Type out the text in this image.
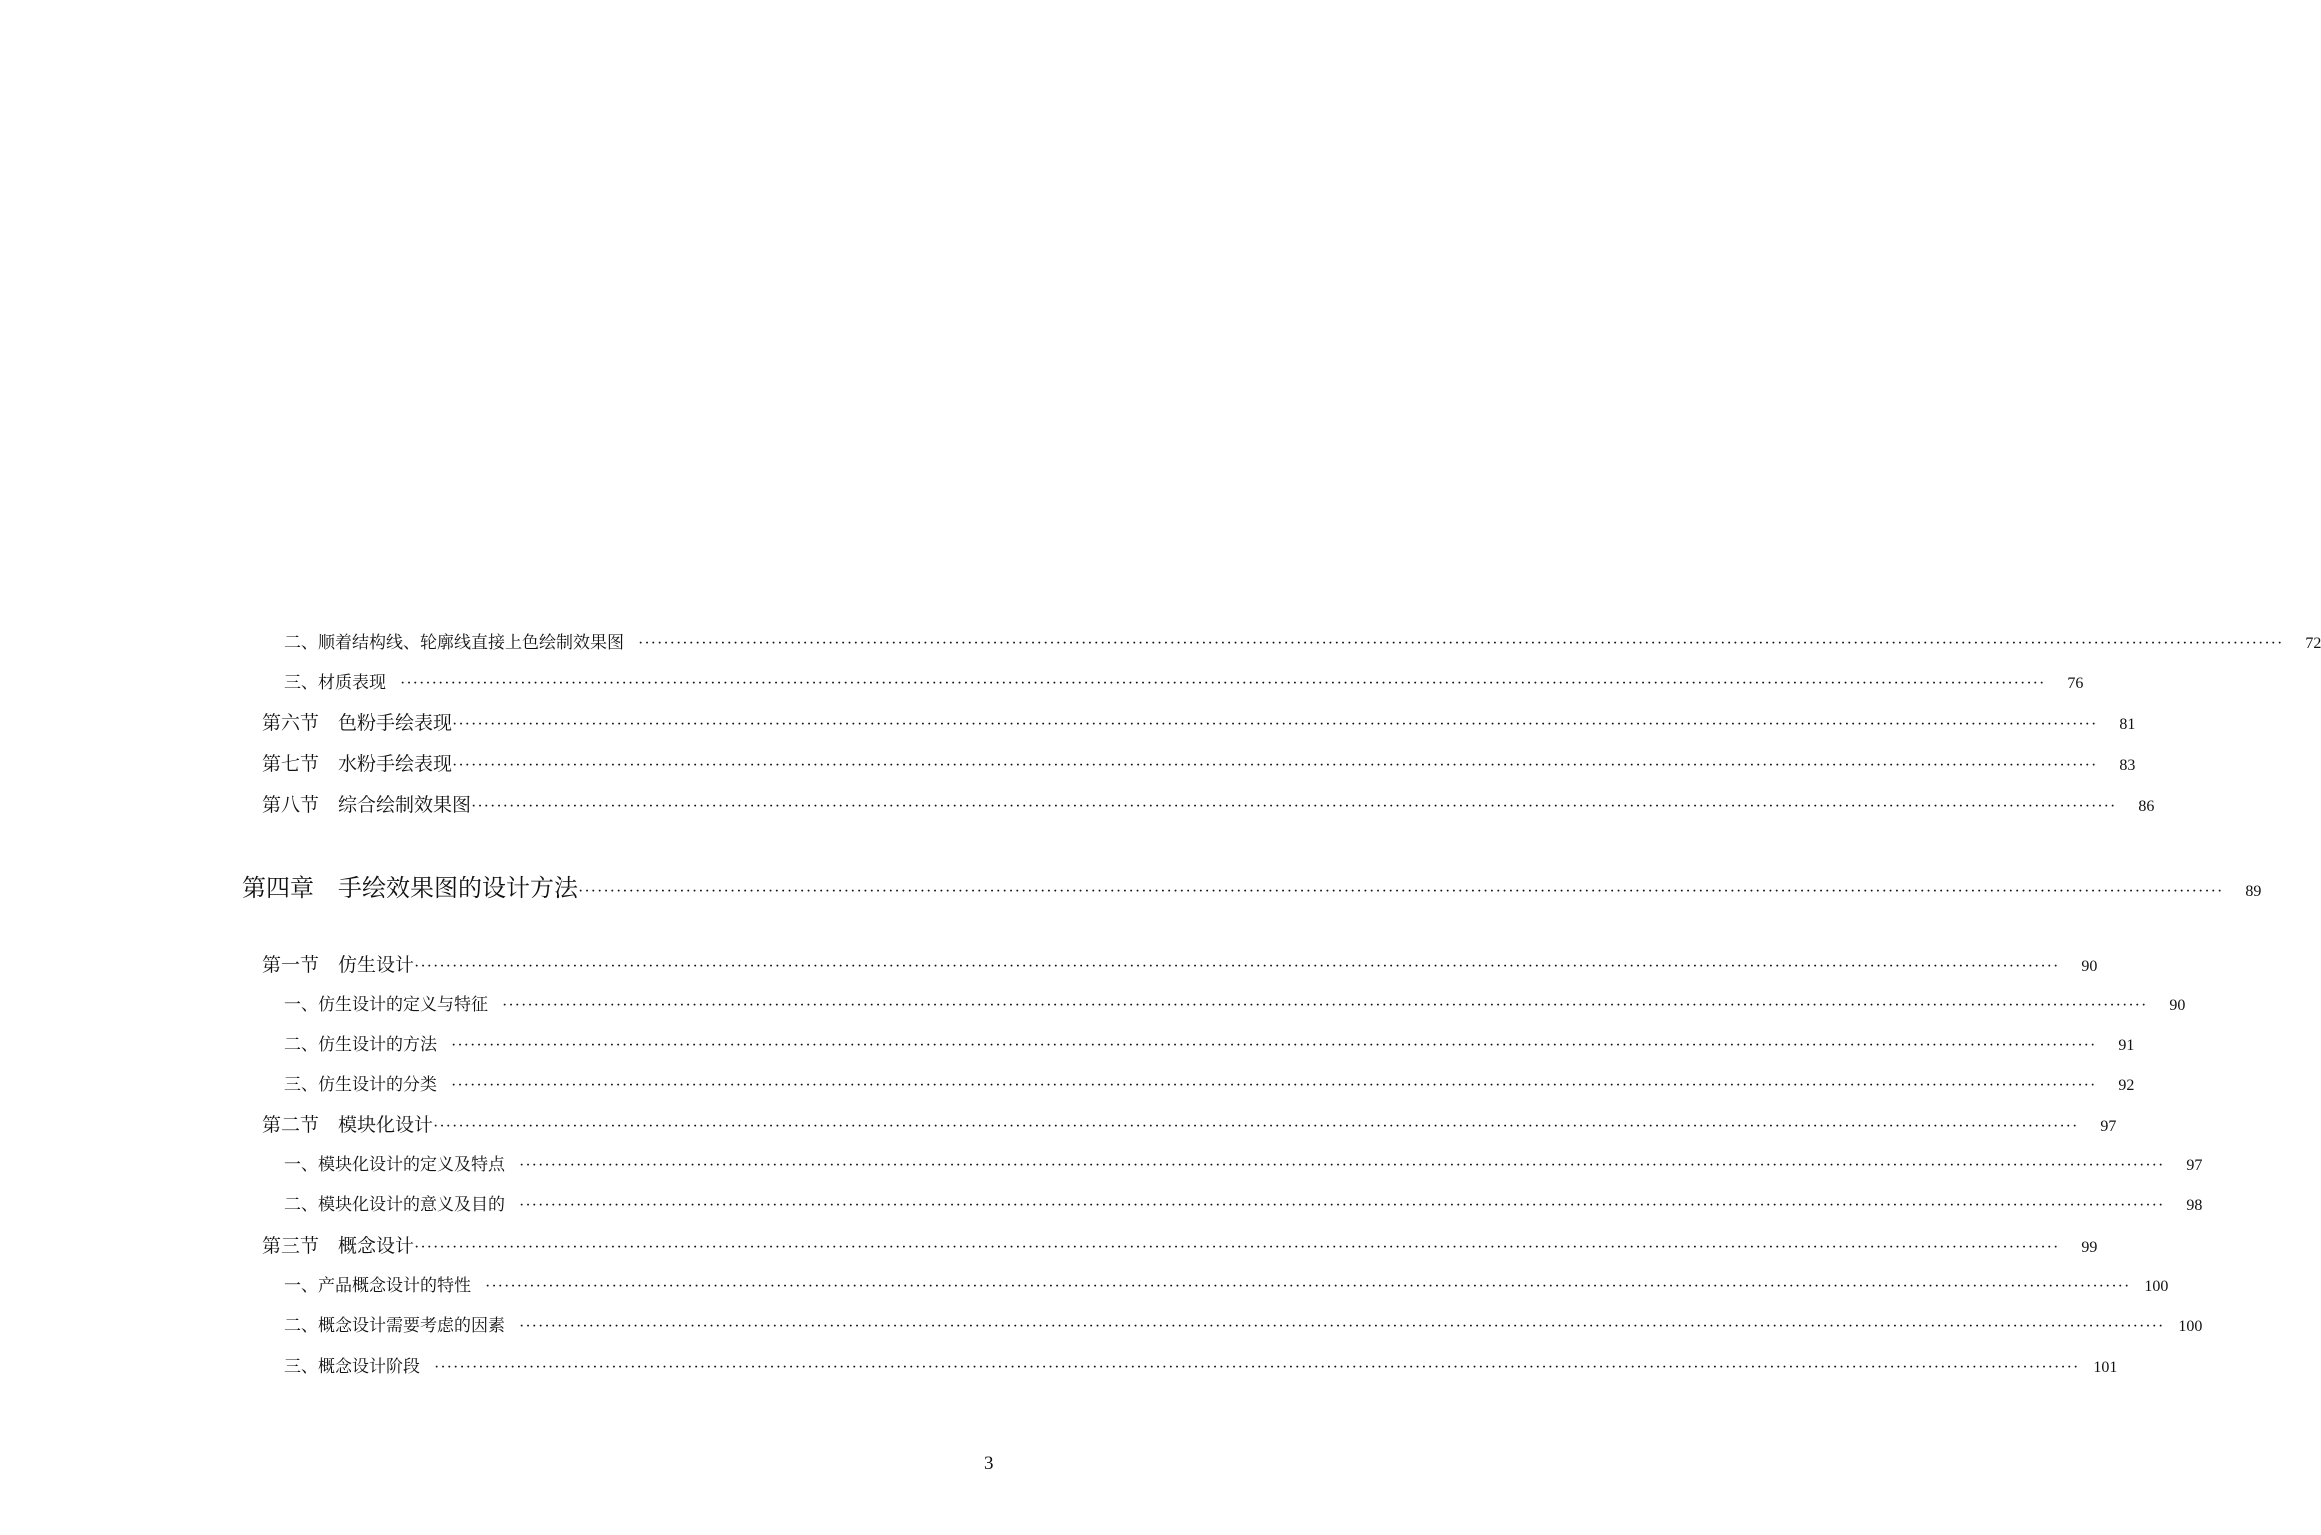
二、顺着结构线、轮廓线直接上色绘制效果图 ····································································································································································································································································	72
三、材质表现 ····································································································································································································································································	76
第六节　色粉手绘表现 ····································································································································································································································································	81
第七节　水粉手绘表现 ····································································································································································································································································	83
第八节　综合绘制效果图 ····································································································································································································································································	86
第四章　手绘效果图的设计方法 ····································································································································································································································································	89
第一节　仿生设计 ····································································································································································································································································	90
一、仿生设计的定义与特征 ····································································································································································································································································	90
二、仿生设计的方法 ····································································································································································································································································	91
三、仿生设计的分类 ····································································································································································································································································	92
第二节　模块化设计 ····································································································································································································································································	97
一、模块化设计的定义及特点 ····································································································································································································································································	97
二、模块化设计的意义及目的 ····································································································································································································································································	98
第三节　概念设计 ····································································································································································································································································	99
一、产品概念设计的特性 ···································································································································································································································································· 100
二、概念设计需要考虑的因素 ···································································································································································································································································· 100
三、概念设计阶段 ···································································································································································································································································· 101
3
